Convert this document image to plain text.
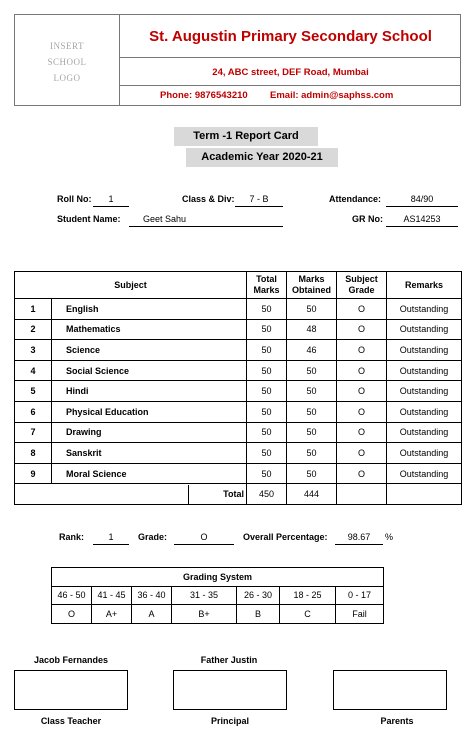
INSERT
SCHOOL
LOGO
St. Augustin Primary Secondary School
24, ABC street, DEF Road, Mumbai
Phone: 9876543210 Email: admin@saphss.com
Term -1 Report Card
Academic Year 2020-21
Roll No:	1	Class & Div:	7 - B	Attendance:	84/90
Student Name:	Geet Sahu	GR No:	AS14253
Subject		Total Marks	Marks Obtained	Subject Grade	Remarks
1	English	50	50	O	Outstanding
2	Mathematics	50	48	O	Outstanding
3	Science	50	46	O	Outstanding
4	Social Science	50	50	O	Outstanding
5	Hindi	50	50	O	Outstanding
6	Physical Education	50	50	O	Outstanding
7	Drawing	50	50	O	Outstanding
8	Sanskrit	50	50	O	Outstanding
9	Moral Science	50	50	O	Outstanding
Total		450	444		
Rank:	1	Grade:	O	Overall Percentage:	98.67	%
Grading System						
46 - 50	41 - 45	36 - 40	31 - 35	26 - 30	18 - 25	0 - 17
O	A+	A	B+	B	C	Fail
Jacob Fernandes	Father Justin
Class Teacher	Principal	Parents
